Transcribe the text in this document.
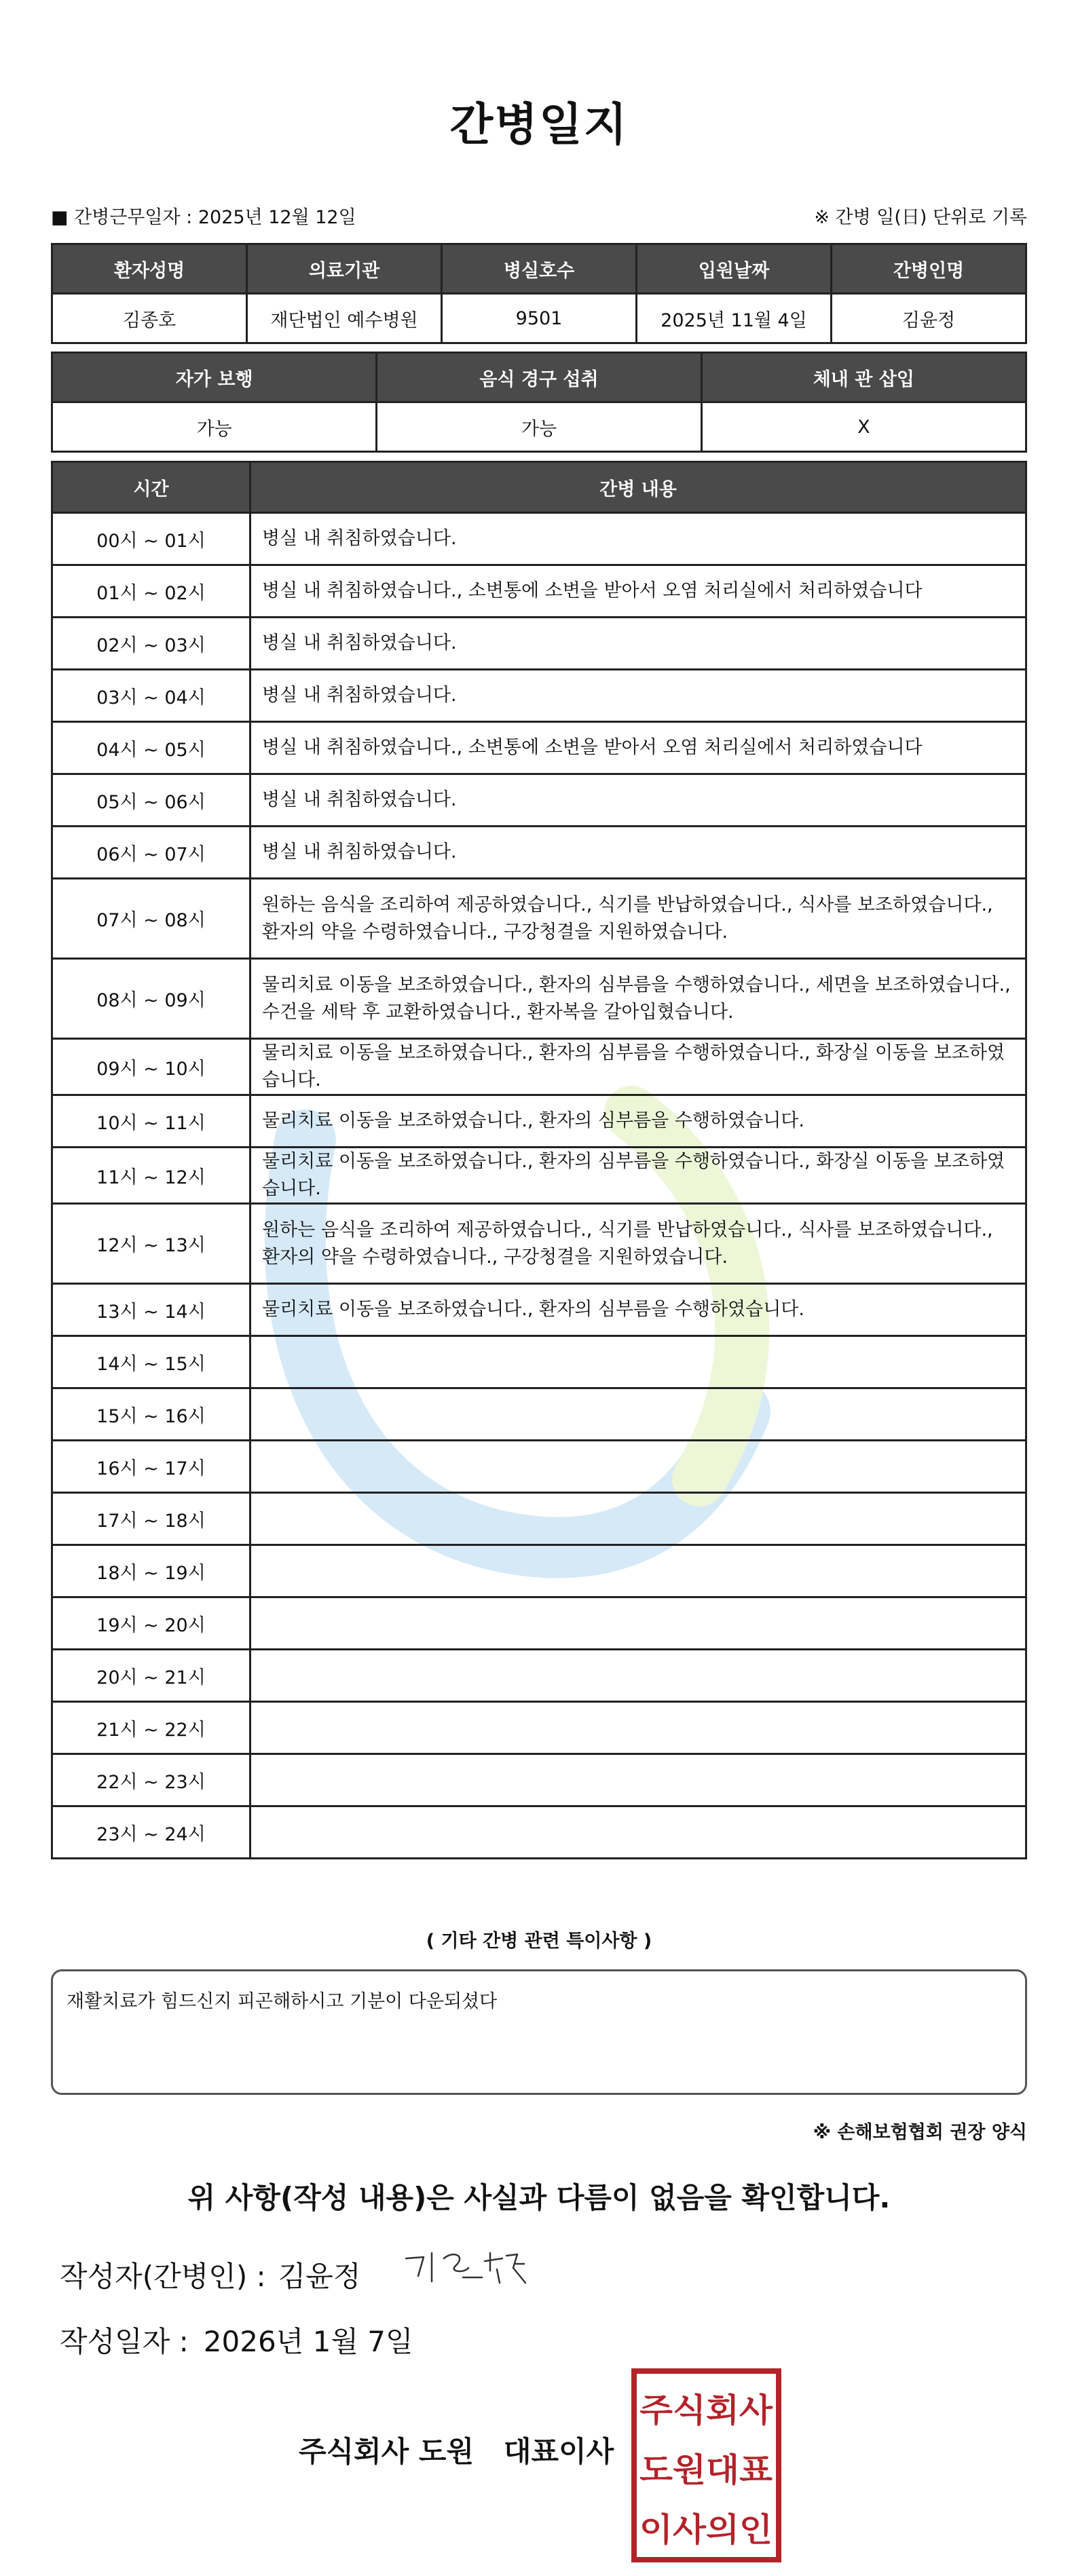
간병일지
■ 간병근무일자 : 2025년 12월 12일	※ 간병 일(日) 단위로 기록
환자성명	의료기관	병실호수	입원날짜	간병인명
김종호	재단법인 예수병원	9501	2025년 11월 4일	김윤정
자가 보행	음식 경구 섭취	체내 관 삽입
가능	가능	X
시간	간병 내용
00시 ~ 01시	병실 내 취침하였습니다.
01시 ~ 02시	병실 내 취침하였습니다., 소변통에 소변을 받아서 오염 처리실에서 처리하였습니다
02시 ~ 03시	병실 내 취침하였습니다.
03시 ~ 04시	병실 내 취침하였습니다.
04시 ~ 05시	병실 내 취침하였습니다., 소변통에 소변을 받아서 오염 처리실에서 처리하였습니다
05시 ~ 06시	병실 내 취침하였습니다.
06시 ~ 07시	병실 내 취침하였습니다.
07시 ~ 08시	원하는 음식을 조리하여 제공하였습니다., 식기를 반납하였습니다., 식사를 보조하였습니다., 환자의 약을 수령하였습니다., 구강청결을 지원하였습니다.
08시 ~ 09시	물리치료 이동을 보조하였습니다., 환자의 심부름을 수행하였습니다., 세면을 보조하였습니다., 수건을 세탁 후 교환하였습니다., 환자복을 갈아입혔습니다.
09시 ~ 10시	물리치료 이동을 보조하였습니다., 환자의 심부름을 수행하였습니다., 화장실 이동을 보조하였습니다.
10시 ~ 11시	물리치료 이동을 보조하였습니다., 환자의 심부름을 수행하였습니다.
11시 ~ 12시	물리치료 이동을 보조하였습니다., 환자의 심부름을 수행하였습니다., 화장실 이동을 보조하였습니다.
12시 ~ 13시	원하는 음식을 조리하여 제공하였습니다., 식기를 반납하였습니다., 식사를 보조하였습니다., 환자의 약을 수령하였습니다., 구강청결을 지원하였습니다.
13시 ~ 14시	물리치료 이동을 보조하였습니다., 환자의 심부름을 수행하였습니다.
14시 ~ 15시	
15시 ~ 16시	
16시 ~ 17시	
17시 ~ 18시	
18시 ~ 19시	
19시 ~ 20시	
20시 ~ 21시	
21시 ~ 22시	
22시 ~ 23시	
23시 ~ 24시	
( 기타 간병 관련 특이사항 )
재활치료가 힘드신지 피곤해하시고 기분이 다운되셨다
※ 손해보험협회 권장 양식
위 사항(작성 내용)은 사실과 다름이 없음을 확인합니다.
작성자(간병인) : 김윤정
작성일자 : 2026년 1월 7일
주식회사 도원   대표이사
주식회사
도원대표
이사의인
